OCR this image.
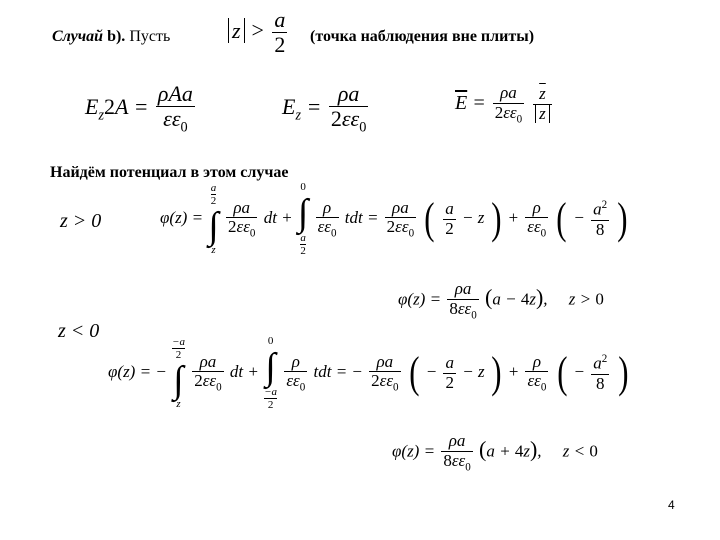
Случай b). Пусть	$z > \frac{a}{2}$ (точка наблюдения вне плиты)
$E_z2A$ =
ρAa
$\varepsilon\varepsilon_0$
$E_z = \frac{\rho a}{2\varepsilon\varepsilon_0}$	$\overline{E} = \frac{\rho a}{2\varepsilon\varepsilon_0}$
$\frac{\overline{z}}{z}$
Найдём потенциал в этом случае
z > 0	φ(z) =
a
2
∫
z

$\frac{\rho a}{2\varepsilon\varepsilon_0}$ dt +
0
∫
a
2

$\frac{\rho}{\varepsilon\varepsilon_0}$ tdt = $\frac{\rho a}{2\varepsilon\varepsilon_0}$ ( $\frac{a}{2} - z$ ) + $\frac{\rho}{\varepsilon\varepsilon_0}$ ( − $\frac{a^2}{8}$ )
$\varphi(z) = \frac{\rho a}{8\varepsilon\varepsilon_0} (a - 4z)$,     z > 0
z < 0
φ(z) = −
−a
2
∫
z

$\frac{\rho a}{2\varepsilon\varepsilon_0}$ dt +
0
∫
−a
2

$\frac{\rho}{\varepsilon\varepsilon_0}$ tdt = − $\frac{\rho a}{2\varepsilon\varepsilon_0}$ ( − $\frac{a}{2} - z$ ) + $\frac{\rho}{\varepsilon\varepsilon_0}$ ( − $\frac{a^2}{8}$ )
$\varphi(z) = \frac{\rho a}{8\varepsilon\varepsilon_0} (a + 4z)$,     z < 0
4
